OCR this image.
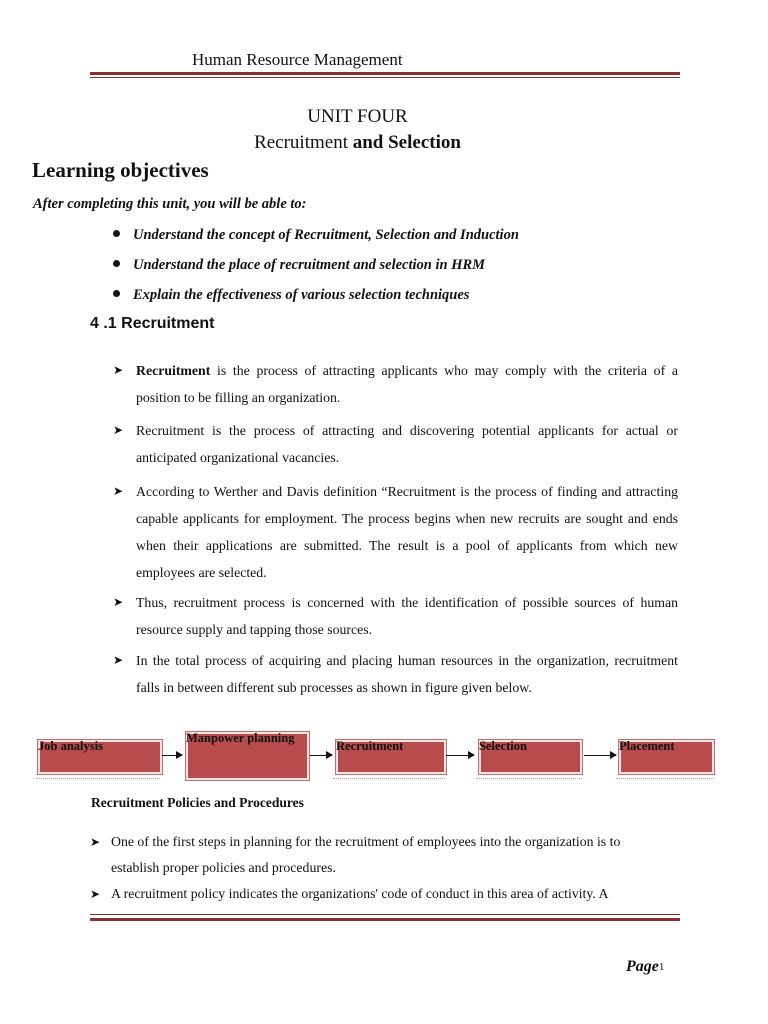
Human Resource Management
UNIT FOUR
Recruitment and Selection
Learning objectives
After completing this unit, you will be able to:
Understand the concept of Recruitment, Selection and Induction
Understand the place of recruitment and selection in HRM
Explain the effectiveness of various selection techniques
4 .1 Recruitment
➤ Recruitment is the process of attracting applicants who may comply with the criteria of a position to be filling an organization.
➤ Recruitment is the process of attracting and discovering potential applicants for actual or anticipated organizational vacancies.
➤ According to Werther and Davis definition “Recruitment is the process of finding and attracting capable applicants for employment. The process begins when new recruits are sought and ends when their applications are submitted. The result is a pool of applicants from which new employees are selected.
➤ Thus, recruitment process is concerned with the identification of possible sources of human resource supply and tapping those sources.
➤ In the total process of acquiring and placing human resources in the organization, recruitment falls in between different sub processes as shown in figure given below.
Job analysis
Manpower planning
Recruitment	Selection	Placement
Recruitment Policies and Procedures
➤ One of the first steps in planning for the recruitment of employees into the organization is to establish proper policies and procedures.
➤ A recruitment policy indicates the organizations' code of conduct in this area of activity. A
Page$^1$
